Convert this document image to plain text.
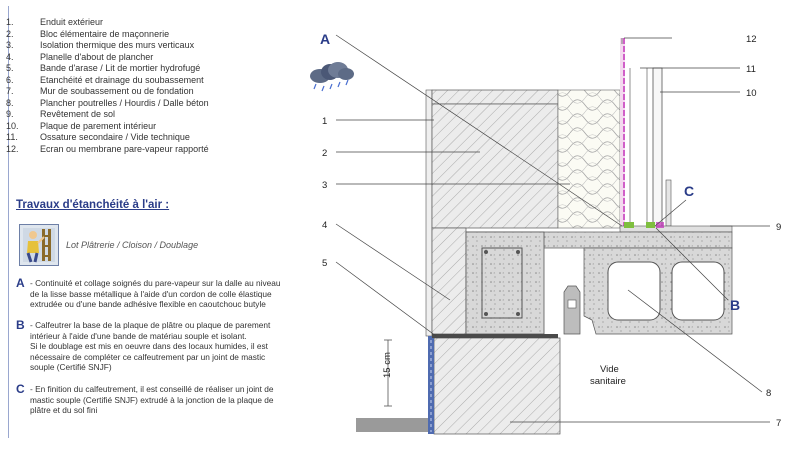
1.	Enduit extérieur
2.	Bloc élémentaire de maçonnerie
3.	Isolation thermique des murs verticaux
4.	Planelle d'about de plancher
5.	Bande d'arase / Lit de mortier hydrofugé
6.	Etanchéité et drainage du soubassement
7.	Mur de soubassement ou de fondation
8.	Plancher poutrelles / Hourdis / Dalle béton
9.	Revêtement de sol
10. Plaque de parement intérieur
11. Ossature secondaire / Vide technique
12. Ecran ou membrane pare-vapeur rapporté
Travaux d'étanchéité à l'air :
Lot Plâtrerie / Cloison / Doublage
A - Continuité et collage soignés du pare-vapeur sur la dalle au niveau
de la lisse basse métallique à l'aide d'un cordon de colle élastique
extrudée ou d'une bande adhésive flexible en caoutchouc butyle
B - Calfeutrer la base de la plaque de plâtre ou plaque de parement
intérieur à l'aide d'une bande de matériau souple et isolant.
Si le doublage est mis en oeuvre dans des locaux humides, il est
nécessaire de compléter ce calfeutrement par un joint de mastic
souple (Certifié SNJF)
C - En finition du calfeutrement, il est conseillé de réaliser un joint de
mastic souple (Certifié SNJF) extrudé à la jonction de la plaque de
plâtre et du sol fini
15 cm	Vide
sanitaire
1
2
3
4
5
7
8
9
10
11
12
A
B
C
